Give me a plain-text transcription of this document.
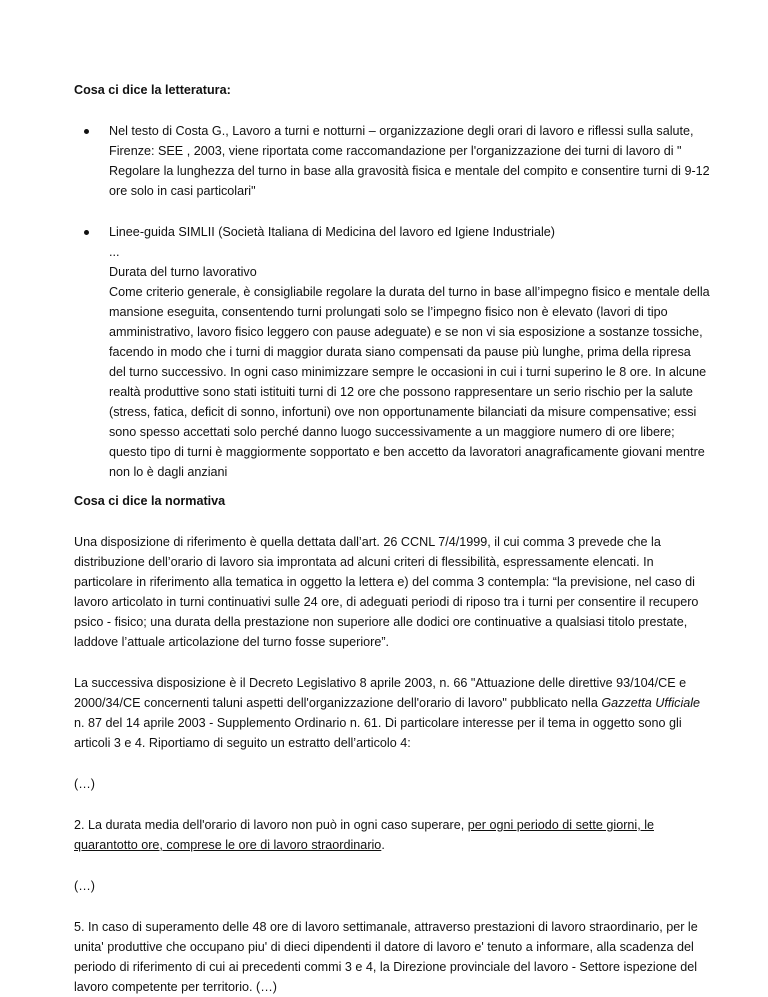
Cosa ci dice la letteratura:

Nel testo di Costa G., Lavoro a turni e notturni – organizzazione degli orari di lavoro e riflessi sulla salute, Firenze: SEE , 2003, viene riportata come raccomandazione per l'organizzazione dei turni di lavoro di " Regolare la lunghezza del turno in base alla gravosità fisica e mentale del compito e consentire turni di 9-12 ore solo in casi particolari"
Linee-guida SIMLII (Società Italiana di Medicina del lavoro ed Igiene Industriale)
...
Durata del turno lavorativo
Come criterio generale, è consigliabile regolare la durata del turno in base all’impegno fisico e mentale della mansione eseguita, consentendo turni prolungati solo se l’impegno fisico non è elevato (lavori di tipo amministrativo, lavoro fisico leggero con pause adeguate) e se non vi sia esposizione a sostanze tossiche, facendo in modo che i turni di maggior durata siano compensati da pause più lunghe, prima della ripresa del turno successivo. In ogni caso minimizzare sempre le occasioni in cui i turni superino le 8 ore. In alcune realtà produttive sono stati istituiti turni di 12 ore che possono rappresentare un serio rischio per la salute (stress, fatica, deficit di sonno, infortuni) ove non opportunamente bilanciati da misure compensative; essi sono spesso accettati solo perché danno luogo successivamente a un maggiore numero di ore libere; questo tipo di turni è maggiormente sopportato e ben accetto da lavoratori anagraficamente giovani mentre non lo è dagli anziani

Cosa ci dice la normativa

Una disposizione di riferimento è quella dettata dall’art. 26 CCNL 7/4/1999, il cui comma 3 prevede che la distribuzione dell’orario di lavoro sia improntata ad alcuni criteri di flessibilità, espressamente elencati. In particolare in riferimento alla tematica in oggetto la lettera e) del comma 3 contempla: “la previsione, nel caso di lavoro articolato in turni continuativi sulle 24 ore, di adeguati periodi di riposo tra i turni per consentire il recupero psico - fisico; una durata della prestazione non superiore alle dodici ore continuative a qualsiasi titolo prestate, laddove l’attuale articolazione del turno fosse superiore”.

La successiva disposizione è il Decreto Legislativo 8 aprile 2003, n. 66 "Attuazione delle direttive 93/104/CE e 2000/34/CE concernenti taluni aspetti dell'organizzazione dell'orario di lavoro" pubblicato nella Gazzetta Ufficiale n. 87 del 14 aprile 2003 - Supplemento Ordinario n. 61. Di particolare interesse per il tema in oggetto sono gli articoli 3 e 4. Riportiamo di seguito un estratto dell’articolo 4:

(…)

2. La durata media dell'orario di lavoro non può in ogni caso superare, per ogni periodo di sette giorni, le quarantotto ore, comprese le ore di lavoro straordinario.

(…)

5. In caso di superamento delle 48 ore di lavoro settimanale, attraverso prestazioni di lavoro straordinario, per le unita' produttive che occupano piu' di dieci dipendenti il datore di lavoro e' tenuto a informare, alla scadenza del periodo di riferimento di cui ai precedenti commi 3 e 4, la Direzione provinciale del lavoro - Settore ispezione del lavoro competente per territorio. (…)
